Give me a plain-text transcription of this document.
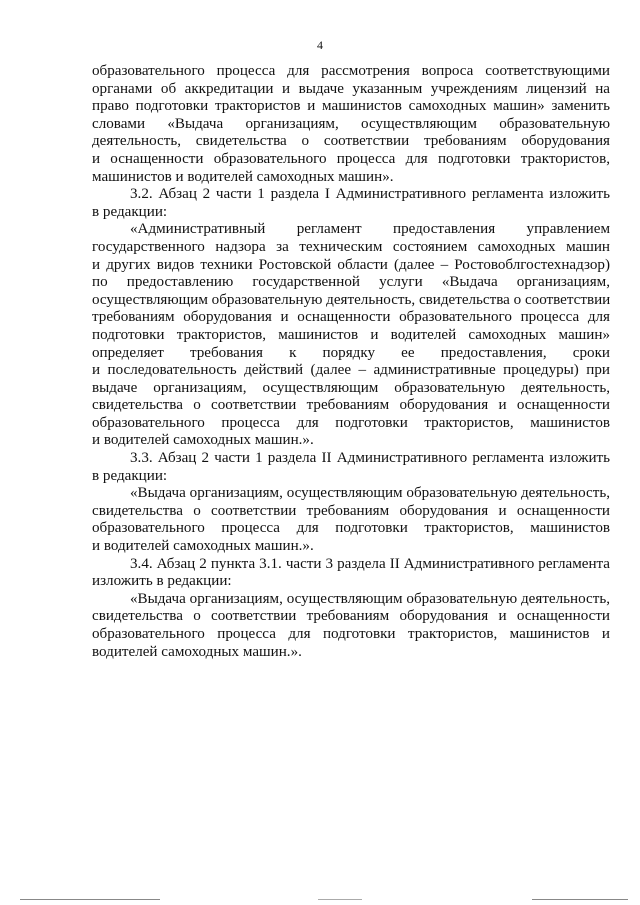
4
образовательного процесса для рассмотрения вопроса соответствующими
органами об аккредитации и выдаче указанным учреждениям лицензий на
право подготовки трактористов и машинистов самоходных машин» заменить
словами «Выдача организациям, осуществляющим образовательную
деятельность, свидетельства о соответствии требованиям оборудования
и оснащенности образовательного процесса для подготовки трактористов,
машинистов и водителей самоходных машин».
3.2. Абзац 2 части 1 раздела I Административного регламента изложить
в редакции:
«Административный регламент предоставления управлением
государственного надзора за техническим состоянием самоходных машин
и других видов техники Ростовской области (далее – Ростовоблгостехнадзор)
по предоставлению государственной услуги «Выдача организациям,
осуществляющим образовательную деятельность, свидетельства о соответствии
требованиям оборудования и оснащенности образовательного процесса для
подготовки трактористов, машинистов и водителей самоходных машин»
определяет требования к порядку ее предоставления, сроки
и последовательность действий (далее – административные процедуры) при
выдаче организациям, осуществляющим образовательную деятельность,
свидетельства о соответствии требованиям оборудования и оснащенности
образовательного процесса для подготовки трактористов, машинистов
и водителей самоходных машин.».
3.3. Абзац 2 части 1 раздела II Административного регламента изложить
в редакции:
«Выдача организациям, осуществляющим образовательную деятельность,
свидетельства о соответствии требованиям оборудования и оснащенности
образовательного процесса для подготовки трактористов, машинистов
и водителей самоходных машин.».
3.4. Абзац 2 пункта 3.1. части 3 раздела II Административного регламента
изложить в редакции:
«Выдача организациям, осуществляющим образовательную деятельность,
свидетельства о соответствии требованиям оборудования и оснащенности
образовательного процесса для подготовки трактористов, машинистов и
водителей самоходных машин.».
